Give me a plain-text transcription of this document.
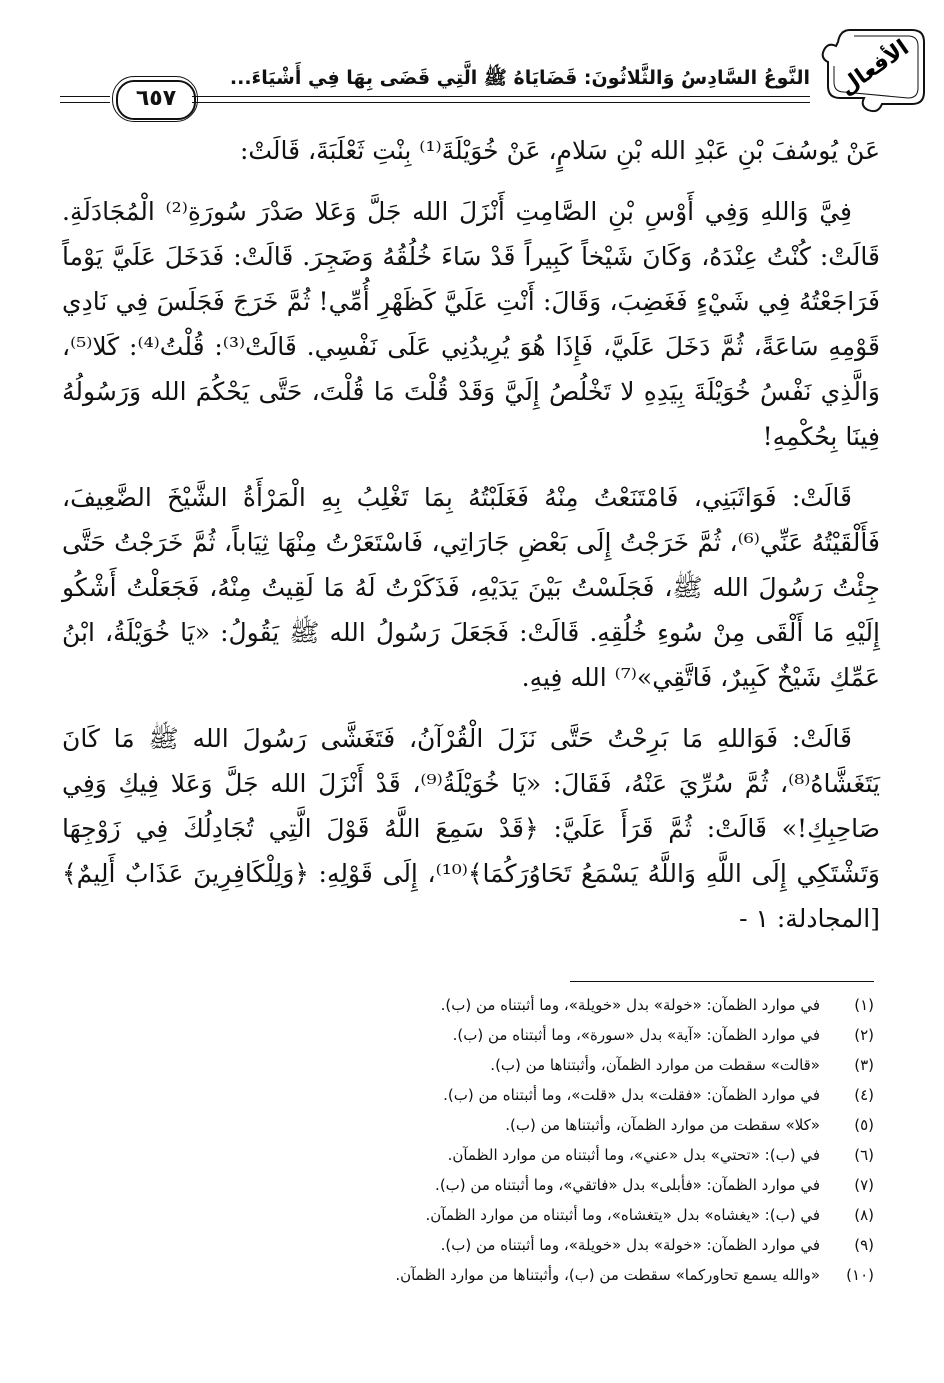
الأفعال
النَّوعُ السَّادِسُ وَالثَّلاثُونَ: قَضَايَاهُ ﷺ الَّتِي قَضَى بِهَا فِي أَشْيَاءَ...
٦٥٧

عَنْ يُوسُفَ بْنِ عَبْدِ الله بْنِ سَلامٍ، عَنْ خُوَيْلَةَ⁽¹⁾ بِنْتِ ثَعْلَبَةَ، قَالَتْ:

فِيَّ وَاللهِ وَفِي أَوْسِ بْنِ الصَّامِتِ أَنْزَلَ الله جَلَّ وَعَلا صَدْرَ سُورَةِ⁽²⁾ الْمُجَادَلَةِ. قَالَتْ: كُنْتُ عِنْدَهُ، وَكَانَ شَيْخاً كَبِيراً قَدْ سَاءَ خُلُقُهُ وَضَجِرَ. قَالَتْ: فَدَخَلَ عَلَيَّ يَوْماً فَرَاجَعْتُهُ فِي شَيْءٍ فَغَضِبَ، وَقَالَ: أَنْتِ عَلَيَّ كَظَهْرِ أُمِّي! ثُمَّ خَرَجَ فَجَلَسَ فِي نَادِي قَوْمِهِ سَاعَةً، ثُمَّ دَخَلَ عَلَيَّ، فَإِذَا هُوَ يُرِيدُنِي عَلَى نَفْسِي. قَالَتْ⁽³⁾: قُلْتُ⁽⁴⁾: كَلا⁽⁵⁾، وَالَّذِي نَفْسُ خُوَيْلَةَ بِيَدِهِ لا تَخْلُصُ إِلَيَّ وَقَدْ قُلْتَ مَا قُلْتَ، حَتَّى يَحْكُمَ الله وَرَسُولُهُ فِينَا بِحُكْمِهِ!

قَالَتْ: فَوَاثَبَنِي، فَامْتَنَعْتُ مِنْهُ فَغَلَبْتُهُ بِمَا تَغْلِبُ بِهِ الْمَرْأَةُ الشَّيْخَ الضَّعِيفَ، فَأَلْقَيْتُهُ عَنِّي⁽⁶⁾، ثُمَّ خَرَجْتُ إِلَى بَعْضِ جَارَاتِي، فَاسْتَعَرْتُ مِنْهَا ثِيَاباً، ثُمَّ خَرَجْتُ حَتَّى جِئْتُ رَسُولَ الله ﷺ، فَجَلَسْتُ بَيْنَ يَدَيْهِ، فَذَكَرْتُ لَهُ مَا لَقِيتُ مِنْهُ، فَجَعَلْتُ أَشْكُو إِلَيْهِ مَا أَلْقَى مِنْ سُوءِ خُلُقِهِ. قَالَتْ: فَجَعَلَ رَسُولُ الله ﷺ يَقُولُ: «يَا خُوَيْلَةُ، ابْنُ عَمِّكِ شَيْخٌ كَبِيرٌ، فَاتَّقِي»⁽⁷⁾ الله فِيهِ.

قَالَتْ: فَوَاللهِ مَا بَرِحْتُ حَتَّى نَزَلَ الْقُرْآنُ، فَتَغَشَّى رَسُولَ الله ﷺ مَا كَانَ يَتَغَشَّاهُ⁽⁸⁾، ثُمَّ سُرِّيَ عَنْهُ، فَقَالَ: «يَا خُوَيْلَةُ⁽⁹⁾، قَدْ أَنْزَلَ الله جَلَّ وَعَلا فِيكِ وَفِي صَاحِبِكِ!» قَالَتْ: ثُمَّ قَرَأَ عَلَيَّ: ﴿قَدْ سَمِعَ اللَّهُ قَوْلَ الَّتِي تُجَادِلُكَ فِي زَوْجِهَا وَتَشْتَكِي إِلَى اللَّهِ وَاللَّهُ يَسْمَعُ تَحَاوُرَكُمَا﴾⁽¹⁰⁾، إِلَى قَوْلِهِ: ﴿وَلِلْكَافِرِينَ عَذَابٌ أَلِيمٌ﴾ [المجادلة: ١ -

(١)في موارد الظمآن: «خولة» بدل «خويلة»، وما أثبتناه من (ب).
(٢)في موارد الظمآن: «آية» بدل «سورة»، وما أثبتناه من (ب).
(٣)«قالت» سقطت من موارد الظمآن، وأثبتناها من (ب).
(٤)في موارد الظمآن: «فقلت» بدل «قلت»، وما أثبتناه من (ب).
(٥)«كلا» سقطت من موارد الظمآن، وأثبتناها من (ب).
(٦)في (ب): «تحتي» بدل «عني»، وما أثبتناه من موارد الظمآن.
(٧)في موارد الظمآن: «فأبلى» بدل «فاتقي»، وما أثبتناه من (ب).
(٨)في (ب): «يغشاه» بدل «يتغشاه»، وما أثبتناه من موارد الظمآن.
(٩)في موارد الظمآن: «خولة» بدل «خويلة»، وما أثبتناه من (ب).
(١٠)«والله يسمع تحاوركما» سقطت من (ب)، وأثبتناها من موارد الظمآن.
